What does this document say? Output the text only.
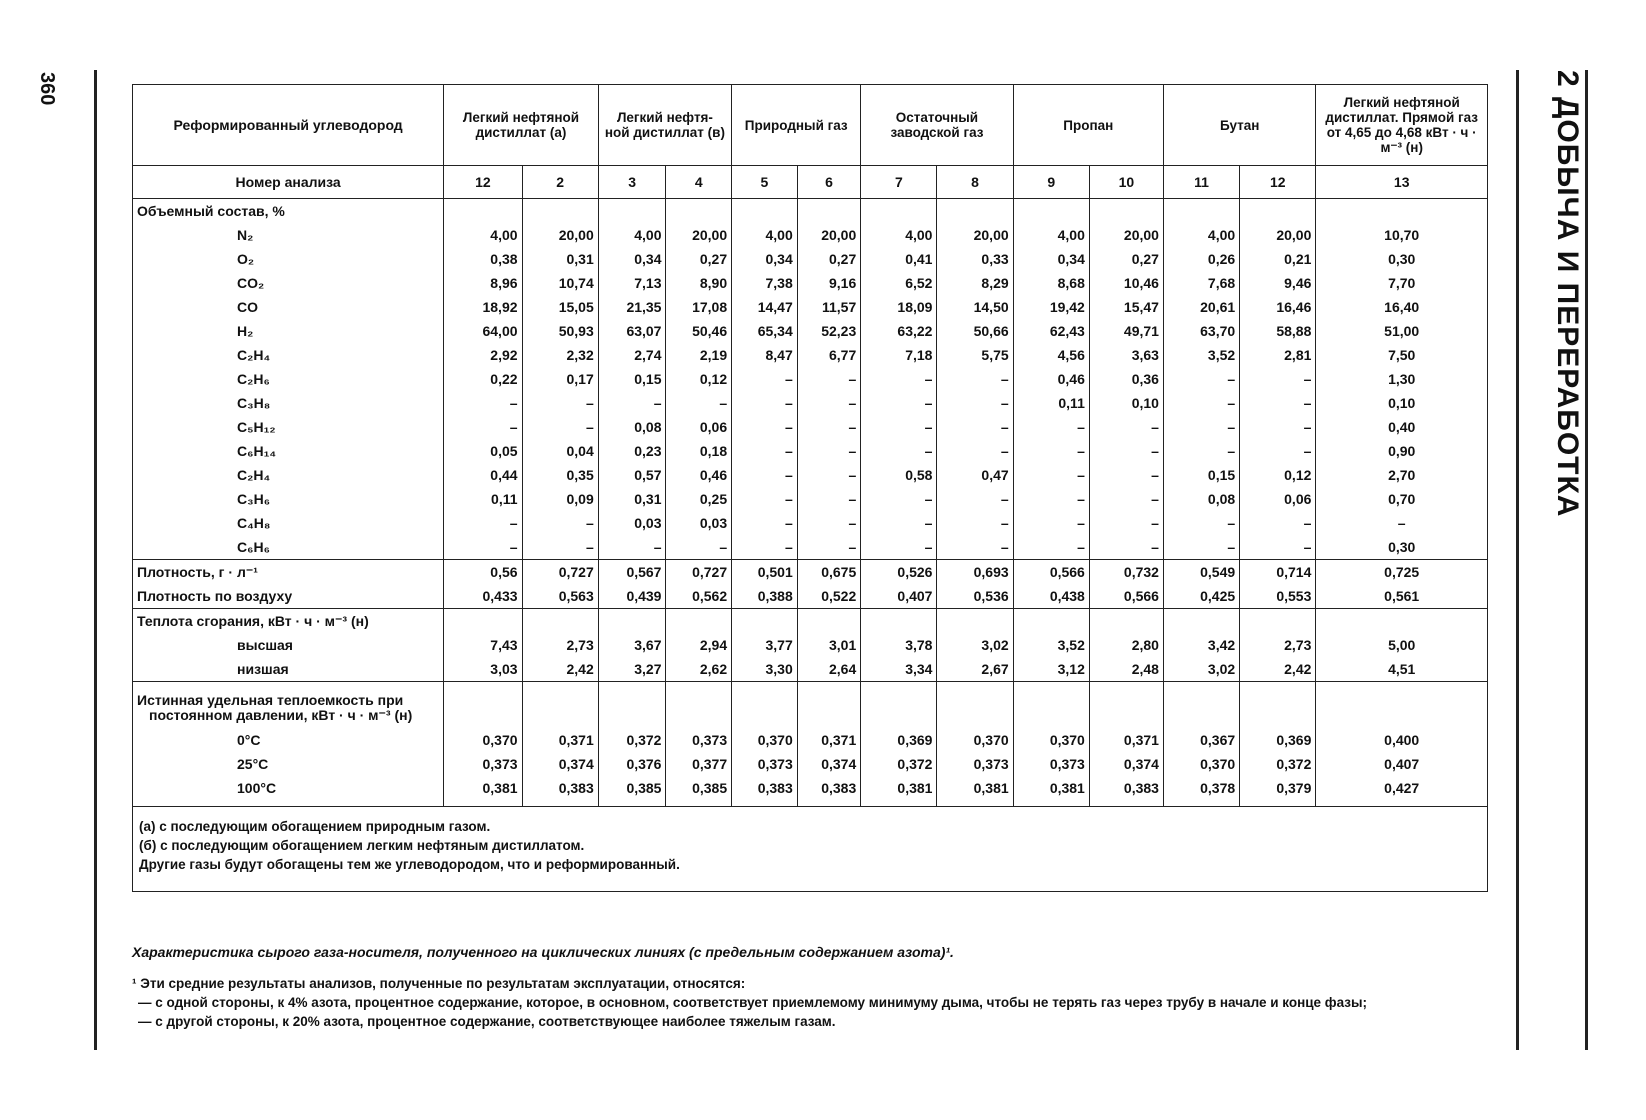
360	2 ДОБЫЧА И ПЕРЕРАБОТКА
Реформированный углеводород	Легкий нефтяной дистиллат (а)		Легкий нефтя- ной дистиллат (в)		Природный газ		Остаточный заводской газ		Пропан		Бутан		Легкий нефтяной дистиллат. Прямой газ от 4,65 до 4,68 кВт · ч · м⁻³ (н)
Номер анализа	12	2	3	4	5	6	7	8	9	10	11	12	13
Объемный состав, %													
N₂	4,00	20,00	4,00	20,00	4,00	20,00	4,00	20,00	4,00	20,00	4,00	20,00	10,70
O₂	0,38	0,31	0,34	0,27	0,34	0,27	0,41	0,33	0,34	0,27	0,26	0,21	0,30
CO₂	8,96	10,74	7,13	8,90	7,38	9,16	6,52	8,29	8,68	10,46	7,68	9,46	7,70
CO	18,92	15,05	21,35	17,08	14,47	11,57	18,09	14,50	19,42	15,47	20,61	16,46	16,40
H₂	64,00	50,93	63,07	50,46	65,34	52,23	63,22	50,66	62,43	49,71	63,70	58,88	51,00
C₂H₄	2,92	2,32	2,74	2,19	8,47	6,77	7,18	5,75	4,56	3,63	3,52	2,81	7,50
C₂H₆	0,22	0,17	0,15	0,12	–	–	–	–	0,46	0,36	–	–	1,30
C₃H₈	–	–	–	–	–	–	–	–	0,11	0,10	–	–	0,10
C₅H₁₂	–	–	0,08	0,06	–	–	–	–	–	–	–	–	0,40
C₆H₁₄	0,05	0,04	0,23	0,18	–	–	–	–	–	–	–	–	0,90
C₂H₄	0,44	0,35	0,57	0,46	–	–	0,58	0,47	–	–	0,15	0,12	2,70
C₃H₆	0,11	0,09	0,31	0,25	–	–	–	–	–	–	0,08	0,06	0,70
C₄H₈	–	–	0,03	0,03	–	–	–	–	–	–	–	–	–
C₆H₆	–	–	–	–	–	–	–	–	–	–	–	–	0,30
Плотность, г · л⁻¹	0,56	0,727	0,567	0,727	0,501	0,675	0,526	0,693	0,566	0,732	0,549	0,714	0,725
Плотность по воздуху	0,433	0,563	0,439	0,562	0,388	0,522	0,407	0,536	0,438	0,566	0,425	0,553	0,561
Теплота сгорания, кВт · ч · м⁻³ (н)													
высшая	7,43	2,73	3,67	2,94	3,77	3,01	3,78	3,02	3,52	2,80	3,42	2,73	5,00
низшая	3,03	2,42	3,27	2,62	3,30	2,64	3,34	2,67	3,12	2,48	3,02	2,42	4,51

Истинная удельная теплоемкость при
постоянном давлении, кВт · ч · м⁻³ (н)													

0°C	0,370	0,371	0,372	0,373	0,370	0,371	0,369	0,370	0,370	0,371	0,367	0,369	0,400
25°C	0,373	0,374	0,376	0,377	0,373	0,374	0,372	0,373	0,373	0,374	0,370	0,372	0,407
100°C	0,381	0,383	0,385	0,385	0,383	0,383	0,381	0,381	0,381	0,383	0,378	0,379	0,427

(а) с последующим обогащением природным газом.
(б) с последующим обогащением легким нефтяным дистиллатом.
Другие газы будут обогащены тем же углеводородом, что и реформированный.
Характеристика сырого газа-носителя, полученного на циклических линиях (с предельным содержанием азота)¹.
¹ Эти средние результаты анализов, полученные по результатам эксплуатации, относятся:
— с одной стороны, к 4% азота, процентное содержание, которое, в основном, соответствует приемлемому минимуму дыма, чтобы не терять газ через трубу в начале и конце фазы;
— с другой стороны, к 20% азота, процентное содержание, соответствующее наиболее тяжелым газам.
